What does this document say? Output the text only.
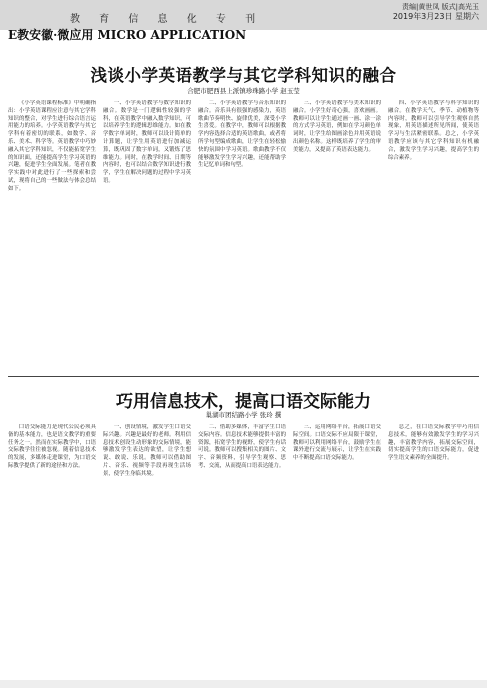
教 育 信 息 化 专 刊
E教安徽·微应用 MICRO APPLICATION
责编|黄世凤 版式|高光玉
2019年3月23日 星期六
浅谈小学英语教学与其它学科知识的融合
合肥市肥西县上派镇珍珠路小学 赵玉莹

《小学英语课程标准》中明确指出：小学英语课程应注意与其它学科知识的整合，对学生进行综合语言运用能力的培养。小学英语教学与其它学科有着密切的联系，如数学、音乐、美术、科学等。英语教学中巧妙融入其它学科知识，不仅能拓宽学生的知识面，还能提高学生学习英语的兴趣，促进学生全面发展。笔者在教学实践中对此进行了一些探索和尝试，现将自己的一些做法与体会总结如下。

一、小学英语教学与数学知识的融合。数学是一门逻辑性较强的学科，在英语教学中融入数学知识，可以培养学生的逻辑思维能力。如在教学数字单词时，教师可以设计简单的计算题，让学生用英语进行加减运算，既巩固了数字单词，又锻炼了思维能力。同时，在教学时间、日期等内容时，也可以结合数学知识进行教学，学生在解决问题的过程中学习英语。

二、小学英语教学与音乐知识的融合。音乐具有很强的感染力，英语歌曲节奏明快、旋律优美，深受小学生喜爱。在教学中，教师可以根据教学内容选择合适的英语歌曲，或者将所学句型编成歌曲，让学生在轻松愉快的氛围中学习英语。歌曲教学不仅能够激发学生学习兴趣，还能帮助学生记忆单词和句型。

三、小学英语教学与美术知识的融合。小学生好奇心强，喜欢画画。教师可以让学生通过画一画、涂一涂的方式学习英语，例如在学习颜色单词时，让学生给图画涂色并用英语说出颜色名称。这样既培养了学生的审美能力，又提高了英语表达能力。

四、小学英语教学与科学知识的融合。在教学天气、季节、动植物等内容时，教师可以引导学生观察自然现象，用英语描述所见所闻，使英语学习与生活紧密联系。总之，小学英语教学应该与其它学科知识有机融合，激发学生学习兴趣，提高学生的综合素养。

巧用信息技术，提高口语交际能力
巢湖市团结路小学 张玲 撰

口语交际能力是现代公民必须具备的基本能力，也是语文教学的重要任务之一。然而在实际教学中，口语交际教学往往被忽视。随着信息技术的发展，多媒体走进课堂，为口语交际教学提供了新的途径和方法。

一、创设情境，激发学生口语交际兴趣。兴趣是最好的老师。利用信息技术创设生动形象的交际情境，能够激发学生表达的欲望，让学生想说、敢说、乐说。教师可以借助图片、音乐、视频等手段再现生活场景，使学生身临其境。

二、借助多媒体，丰富学生口语交际内容。信息技术能够提供丰富的资源，拓宽学生的视野，使学生有话可说。教师可以搜集相关的图片、文字、音频资料，引导学生观察、思考、交流，从而提高口语表达能力。

三、运用网络平台，拓展口语交际空间。口语交际不应局限于课堂，教师可以利用网络平台，鼓励学生在课外进行交流与展示，让学生在实践中不断提高口语交际能力。

总之，在口语交际教学中巧用信息技术，能够有效激发学生的学习兴趣，丰富教学内容，拓展交际空间，切实提高学生的口语交际能力，促进学生语文素养的全面提升。
